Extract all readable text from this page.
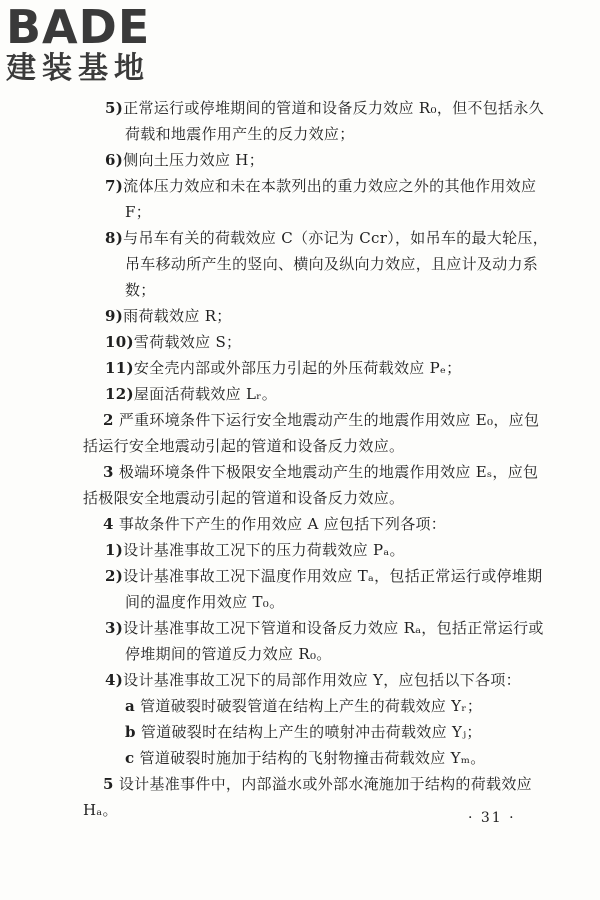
BADE
建装基地

5)正常运行或停堆期间的管道和设备反力效应 R₀，但不包括永久荷载和地震作用产生的反力效应；

6)侧向土压力效应 H；

7)流体压力效应和未在本款列出的重力效应之外的其他作用效应 F；

8)与吊车有关的荷载效应 C（亦记为 Ccr），如吊车的最大轮压，吊车移动所产生的竖向、横向及纵向力效应，且应计及动力系数；

9)雨荷载效应 R；

10)雪荷载效应 S；

11)安全壳内部或外部压力引起的外压荷载效应 Pₑ；

12)屋面活荷载效应 Lᵣ。

2 严重环境条件下运行安全地震动产生的地震作用效应 E₀，应包括运行安全地震动引起的管道和设备反力效应。

3 极端环境条件下极限安全地震动产生的地震作用效应 Eₛ，应包括极限安全地震动引起的管道和设备反力效应。

4 事故条件下产生的作用效应 A 应包括下列各项：

1)设计基准事故工况下的压力荷载效应 Pₐ。

2)设计基准事故工况下温度作用效应 Tₐ，包括正常运行或停堆期间的温度作用效应 T₀。

3)设计基准事故工况下管道和设备反力效应 Rₐ，包括正常运行或停堆期间的管道反力效应 R₀。

4)设计基准事故工况下的局部作用效应 Y，应包括以下各项：

a 管道破裂时破裂管道在结构上产生的荷载效应 Yᵣ；

b 管道破裂时在结构上产生的喷射冲击荷载效应 Yⱼ；

c 管道破裂时施加于结构的飞射物撞击荷载效应 Yₘ。

5 设计基准事件中，内部溢水或外部水淹施加于结构的荷载效应 Hₐ。	· 31 ·
